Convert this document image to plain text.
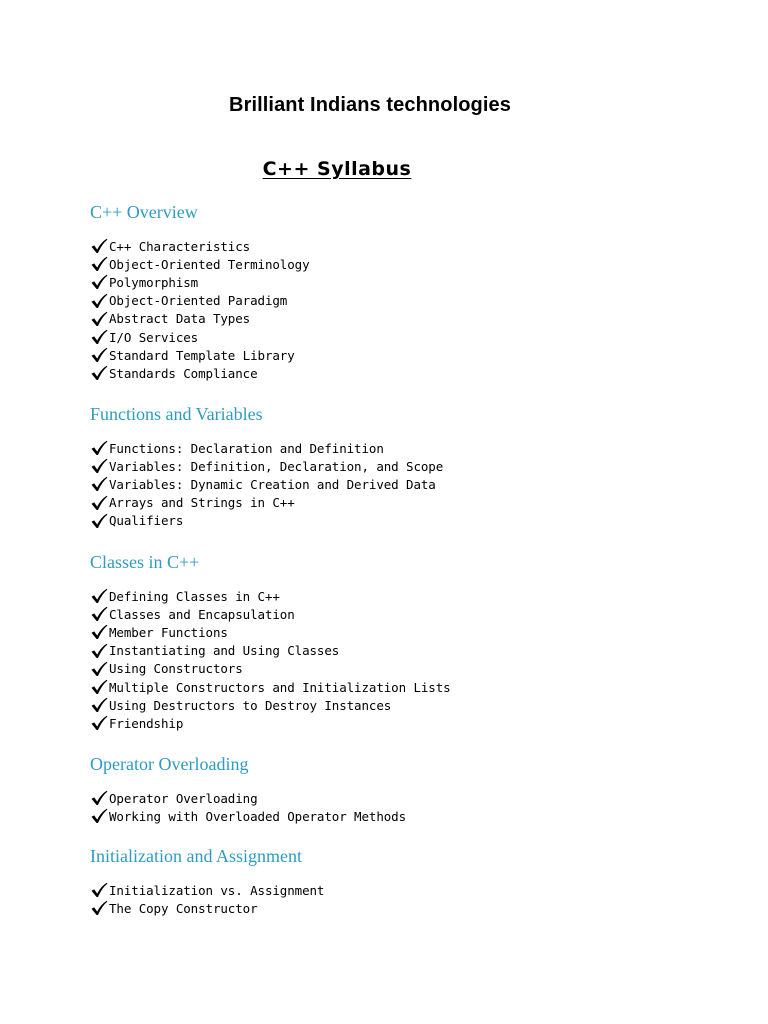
Brilliant Indians technologies
C++ Syllabus
C++ Overview
C++ Characteristics
Object-Oriented Terminology
Polymorphism
Object-Oriented Paradigm
Abstract Data Types
I/O Services
Standard Template Library
Standards Compliance
Functions and Variables
Functions: Declaration and Definition
Variables: Definition, Declaration, and Scope
Variables: Dynamic Creation and Derived Data
Arrays and Strings in C++
Qualifiers
Classes in C++
Defining Classes in C++
Classes and Encapsulation
Member Functions
Instantiating and Using Classes
Using Constructors
Multiple Constructors and Initialization Lists
Using Destructors to Destroy Instances
Friendship
Operator Overloading
Operator Overloading
Working with Overloaded Operator Methods
Initialization and Assignment
Initialization vs. Assignment
The Copy Constructor
